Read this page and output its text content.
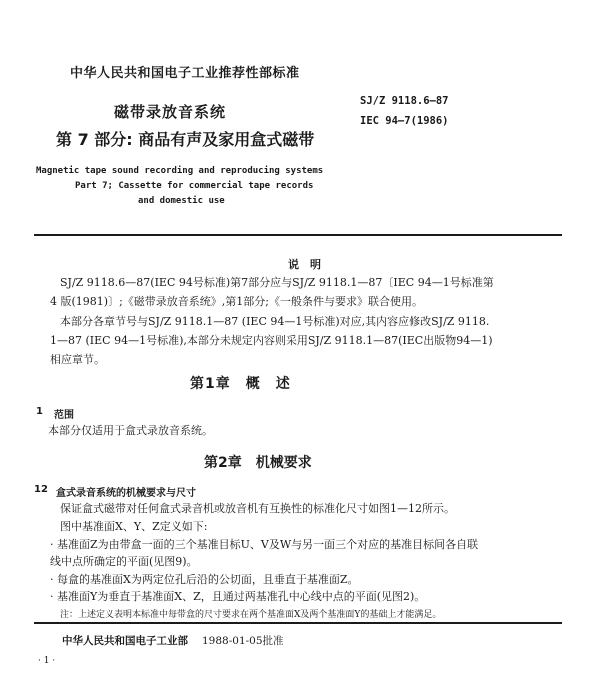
中华人民共和国电子工业推荐性部标准
磁带录放音系统
第 7 部分: 商品有声及家用盒式磁带
SJ/Z 9118.6—87
IEC 94—7(1986)
Magnetic tape sound recording and reproducing systems
Part 7; Cassette for commercial tape records
and domestic use
说　明
SJ/Z 9118.6—87(IEC 94号标准)第7部分应与SJ/Z 9118.1—87〔IEC 94—1号标准第
4 版(1981)〕;《磁带录放音系统》,第1部分;《一般条件与要求》联合使用。
本部分各章节号与SJ/Z 9118.1—87 (IEC 94—1号标准)对应,其内容应修改SJ/Z 9118.
1—87 (IEC 94—1号标准),本部分未规定内容则采用SJ/Z 9118.1—87(IEC出版物94—1)
相应章节。
第1章　概　述
1 范围
本部分仅适用于盒式录放音系统。
第2章　机械要求
12 盒式录音系统的机械要求与尺寸
保证盒式磁带对任何盒式录音机或放音机有互换性的标准化尺寸如图1—12所示。
图中基准面X、Y、Z定义如下:
· 基准面Z为由带盒一面的三个基准目标U、V及W与另一面三个对应的基准目标间各自联
线中点所确定的平面(见图9)。
· 每盒的基准面X为两定位孔后沿的公切面，且垂直于基准面Z。
· 基准面Y为垂直于基准面X、Z，且通过两基准孔中心线中点的平面(见图2)。
注：上述定义表明本标准中每带盒的尺寸要求在两个基准面X及两个基准面Y的基础上才能满足。
中华人民共和国电子工业部 1988-01-05批准
· 1 ·
